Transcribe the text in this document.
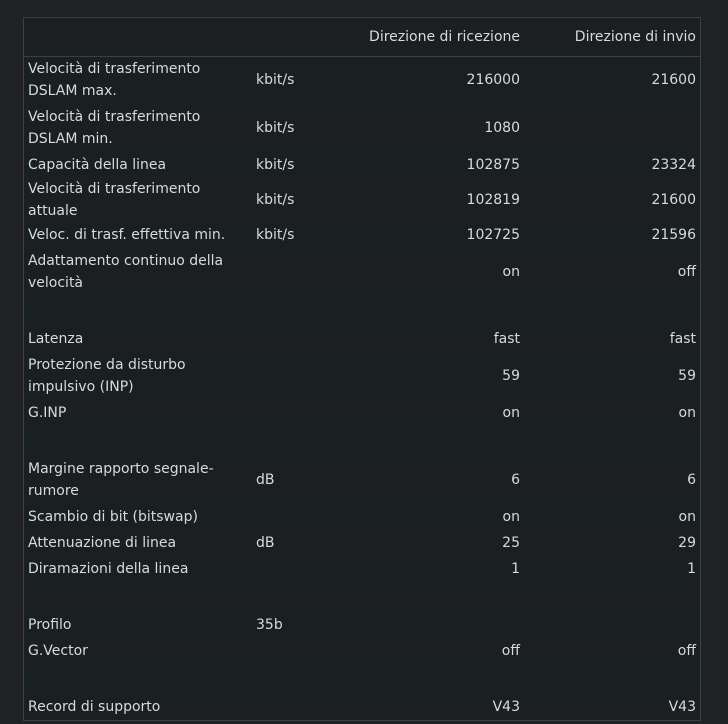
		Direzione di ricezione	Direzione di invio
Velocità di trasferimento DSLAM max.	kbit/s	216000	21600
Velocità di trasferimento DSLAM min.	kbit/s	1080	
Capacità della linea	kbit/s	102875	23324
Velocità di trasferimento attuale	kbit/s	102819	21600
Veloc. di trasf. effettiva min.	kbit/s	102725	21596
Adattamento continuo della velocità		on	off

Latenza		fast	fast
Protezione da disturbo impulsivo (INP)		59	59
G.INP		on	on

Margine rapporto segnale-rumore	dB	6	6
Scambio di bit (bitswap)		on	on
Attenuazione di linea	dB	25	29
Diramazioni della linea		1	1

Profilo	35b		
G.Vector		off	off

Record di supporto		V43	V43
